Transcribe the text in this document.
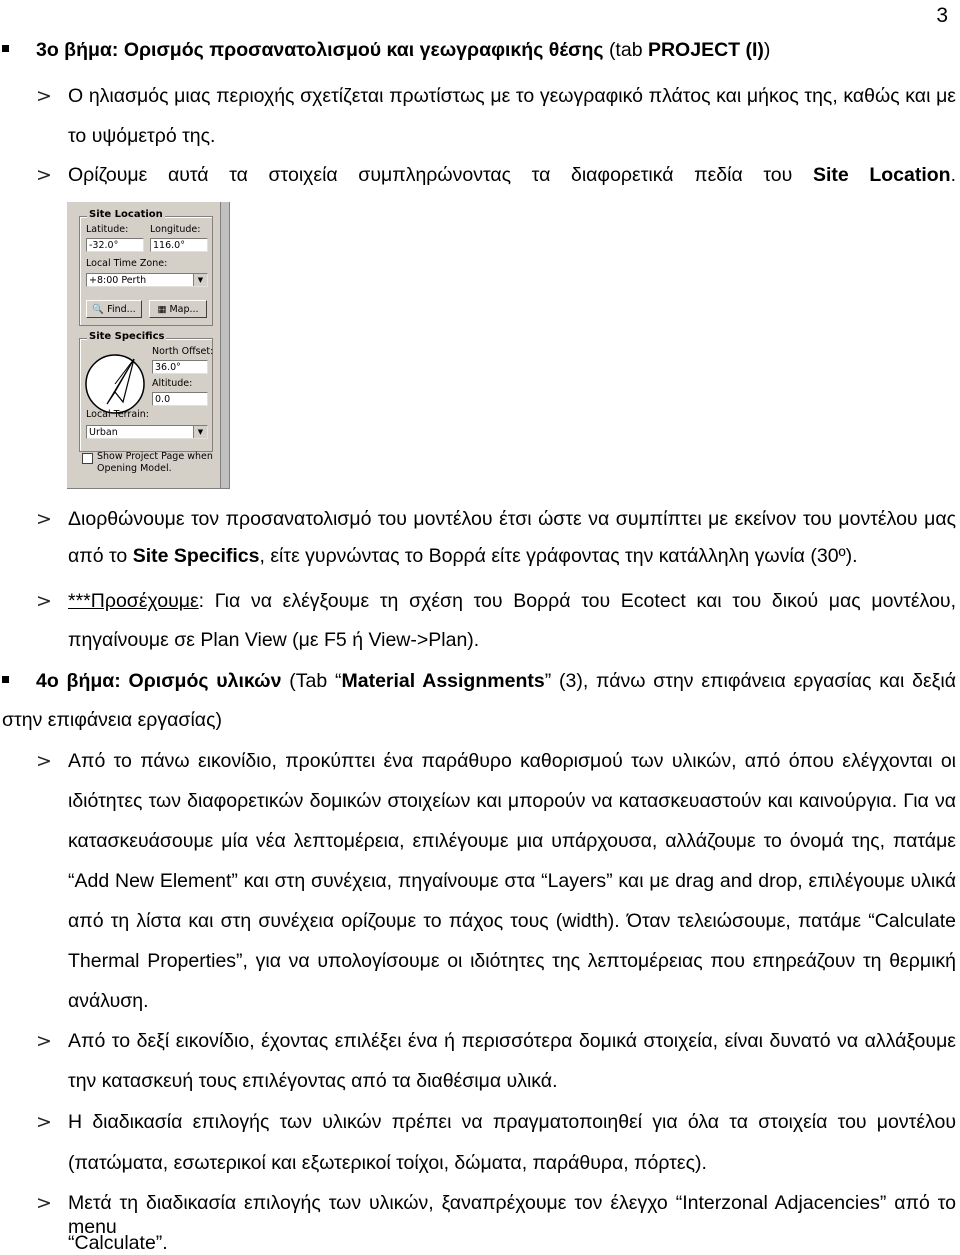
3
3ο βήμα: Ορισμός προσανατολισμού και γεωγραφικής θέσης (tab PROJECT (I))
> Ο ηλιασμός μιας περιοχής σχετίζεται πρωτίστως με το γεωγραφικό πλάτος και μήκος της, καθώς και με
το υψόμετρό της.
> Ορίζουμε αυτά τα στοιχεία συμπληρώνοντας τα διαφορετικά πεδία του Site Location.
Site Location
Latitude: Longitude:
-32.0°	116.0°
Local Time Zone:
+8:00 Perth	▼
🔍 Find...	▦ Map...
Site Specifics
North Offset:
36.0°
Altitude:
0.0
Local Terrain:
Urban	▼
Show Project Page when
Opening Model.
> Διορθώνουμε τον προσανατολισμό του μοντέλου έτσι ώστε να συμπίπτει με εκείνον του μοντέλου μας
από το Site Specifics, είτε γυρνώντας το Βορρά είτε γράφοντας την κατάλληλη γωνία (30º).
> ***Προσέχουμε: Για να ελέγξουμε τη σχέση του Βορρά του Ecotect και του δικού μας μοντέλου,
πηγαίνουμε σε Plan View (με F5 ή View->Plan).
4ο βήμα: Ορισμός υλικών (Tab “Material Assignments” (3), πάνω στην επιφάνεια εργασίας και δεξιά
στην επιφάνεια εργασίας)
> Από το πάνω εικονίδιο, προκύπτει ένα παράθυρο καθορισμού των υλικών, από όπου ελέγχονται οι
ιδιότητες των διαφορετικών δομικών στοιχείων και μπορούν να κατασκευαστούν και καινούργια. Για να
κατασκευάσουμε μία νέα λεπτομέρεια, επιλέγουμε μια υπάρχουσα, αλλάζουμε το όνομά της, πατάμε
“Add New Element” και στη συνέχεια, πηγαίνουμε στα “Layers” και με drag and drop, επιλέγουμε υλικά
από τη λίστα και στη συνέχεια ορίζουμε το πάχος τους (width). Όταν τελειώσουμε, πατάμε “Calculate
Thermal Properties”, για να υπολογίσουμε οι ιδιότητες της λεπτομέρειας που επηρεάζουν τη θερμική
ανάλυση.
> Από το δεξί εικονίδιο, έχοντας επιλέξει ένα ή περισσότερα δομικά στοιχεία, είναι δυνατό να αλλάξουμε
την κατασκευή τους επιλέγοντας από τα διαθέσιμα υλικά.
> Η διαδικασία επιλογής των υλικών πρέπει να πραγματοποιηθεί για όλα τα στοιχεία του μοντέλου
(πατώματα, εσωτερικοί και εξωτερικοί τοίχοι, δώματα, παράθυρα, πόρτες).
> Μετά τη διαδικασία επιλογής των υλικών, ξαναπρέχουμε τον έλεγχο “Interzonal Adjacencies” από το menu
“Calculate”.
